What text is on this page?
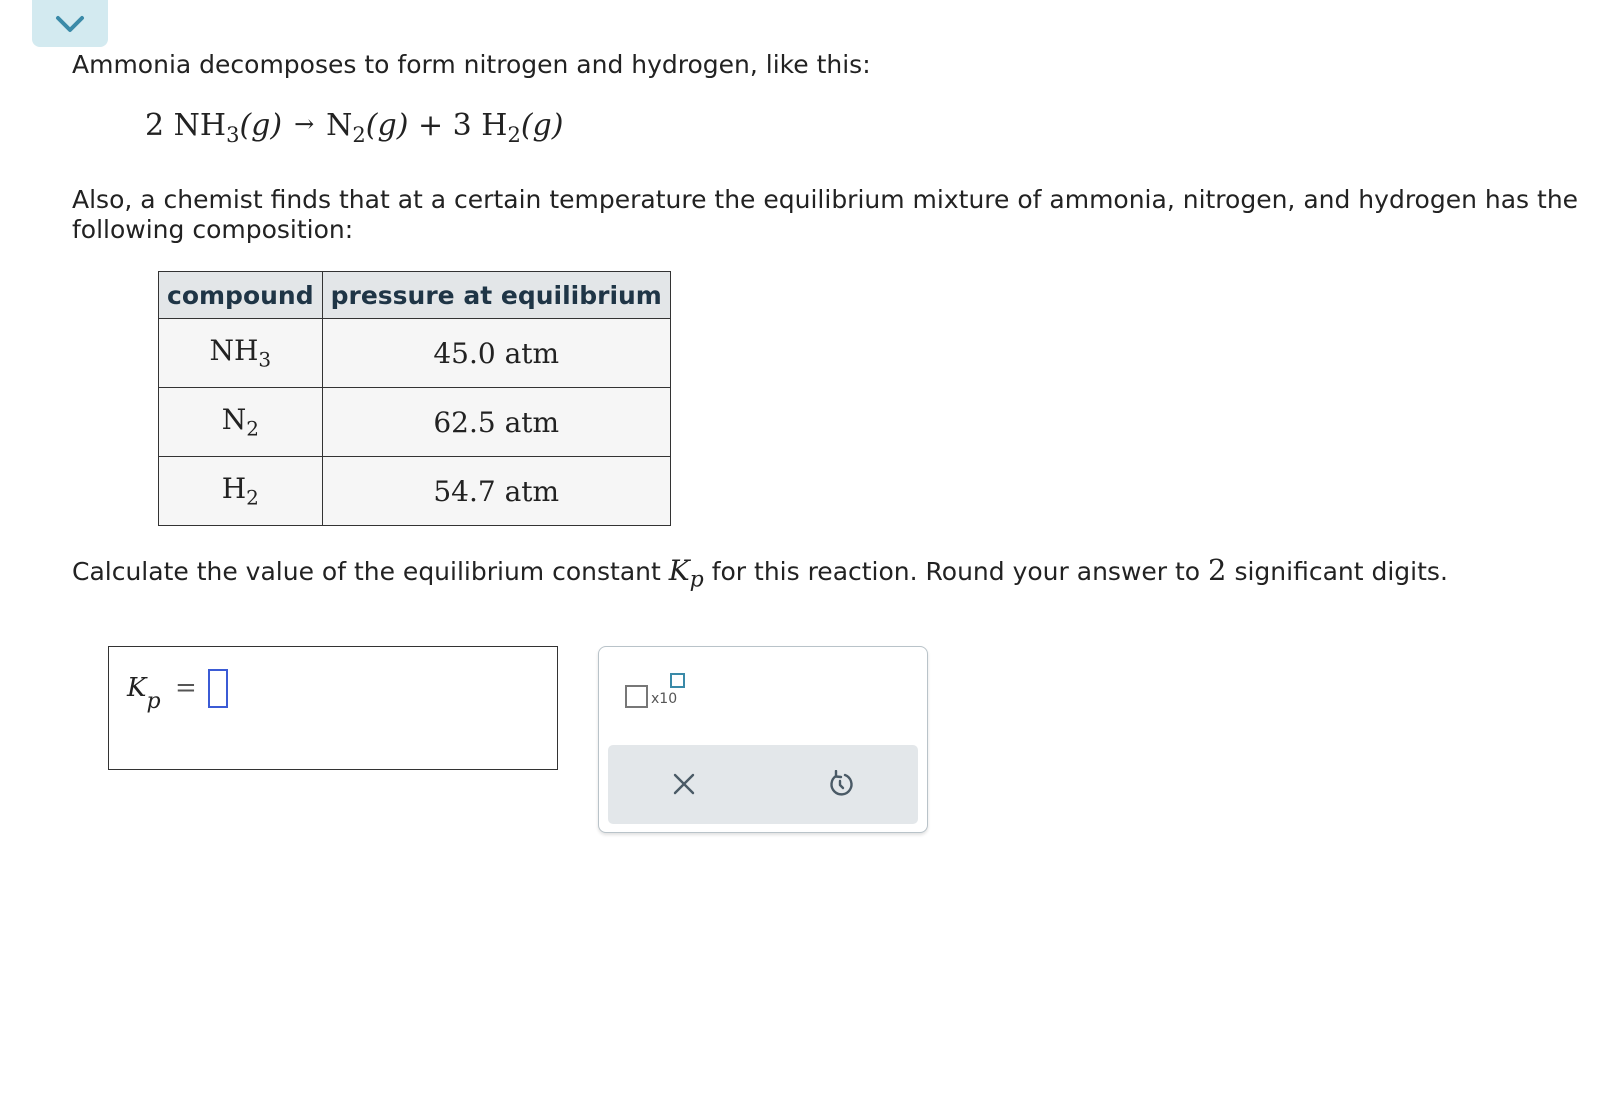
Ammonia decomposes to form nitrogen and hydrogen, like this:
2 $NH_3(g) \to N_2(g) + 3$ $H_2(g)$
Also, a chemist finds that at a certain temperature the equilibrium mixture of ammonia, nitrogen, and hydrogen has the following composition:
compound	pressure at equilibrium
$NH_3$	45.0 atm
$N_2$	62.5 atm
$H_2$	54.7 atm
Calculate the value of the equilibrium constant $K_p$ for this reaction. Round your answer to 2 significant digits.
$K_p$ =	x10
